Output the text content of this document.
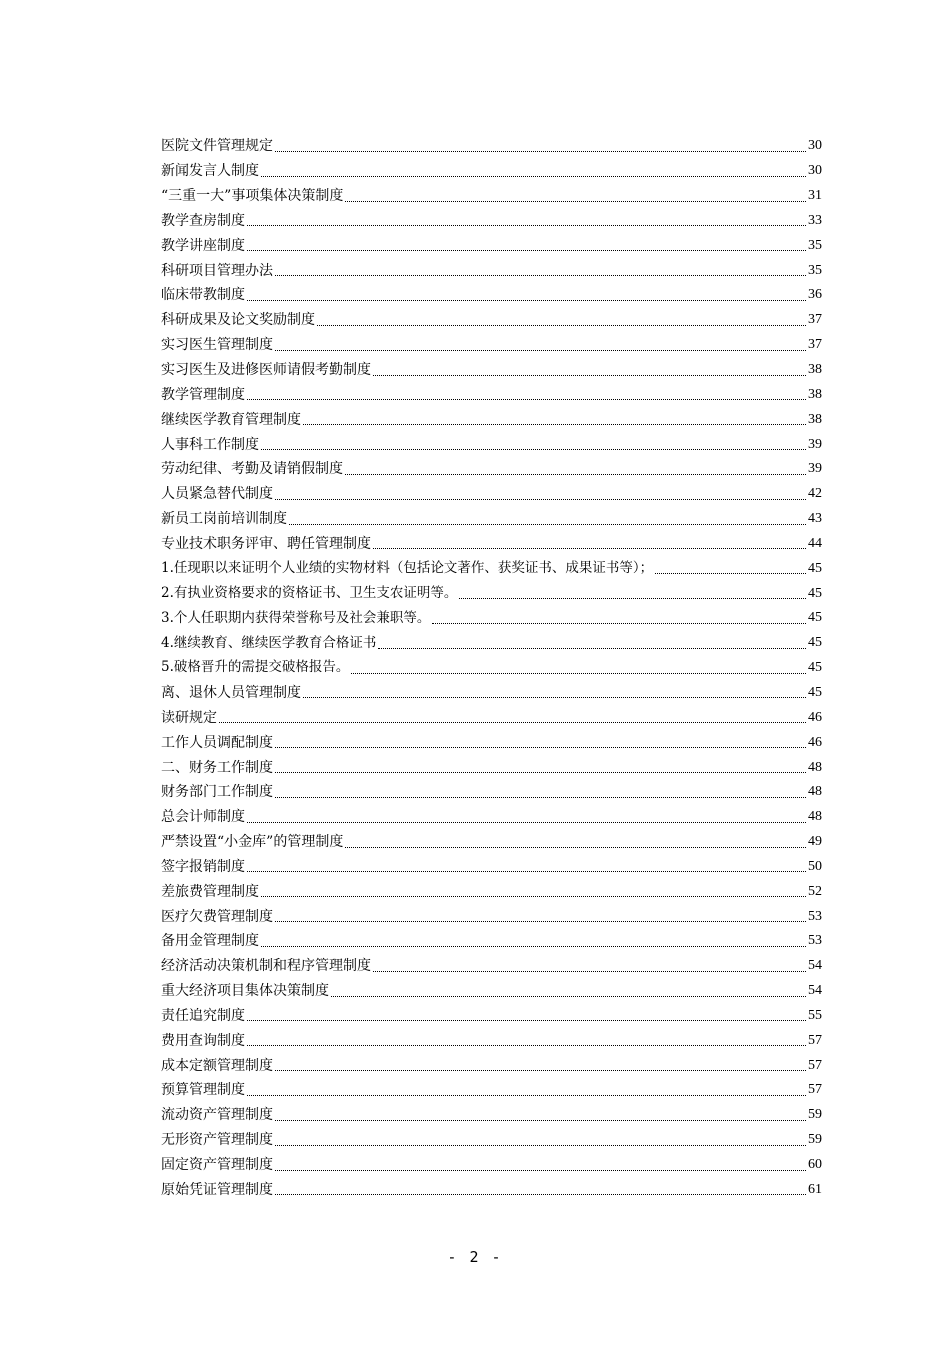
医院文件管理规定	30
新闻发言人制度	30
“三重一大”事项集体决策制度	31
教学查房制度	33
教学讲座制度	35
科研项目管理办法	35
临床带教制度	36
科研成果及论文奖励制度	37
实习医生管理制度	37
实习医生及进修医师请假考勤制度	38
教学管理制度	38
继续医学教育管理制度	38
人事科工作制度	39
劳动纪律、考勤及请销假制度	39
人员紧急替代制度	42
新员工岗前培训制度	43
专业技术职务评审、聘任管理制度	44
1.任现职以来证明个人业绩的实物材料（包括论文著作、获奖证书、成果证书等）；	45
2.有执业资格要求的资格证书、卫生支农证明等。	45
3.个人任职期内获得荣誉称号及社会兼职等。	45
4.继续教育、继续医学教育合格证书	45
5.破格晋升的需提交破格报告。	45
离、退休人员管理制度	45
读研规定	46
工作人员调配制度	46
二、财务工作制度	48
财务部门工作制度	48
总会计师制度	48
严禁设置“小金库”的管理制度	49
签字报销制度	50
差旅费管理制度	52
医疗欠费管理制度	53
备用金管理制度	53
经济活动决策机制和程序管理制度	54
重大经济项目集体决策制度	54
责任追究制度	55
费用查询制度	57
成本定额管理制度	57
预算管理制度	57
流动资产管理制度	59
无形资产管理制度	59
固定资产管理制度	60
原始凭证管理制度	61
- 2 -
